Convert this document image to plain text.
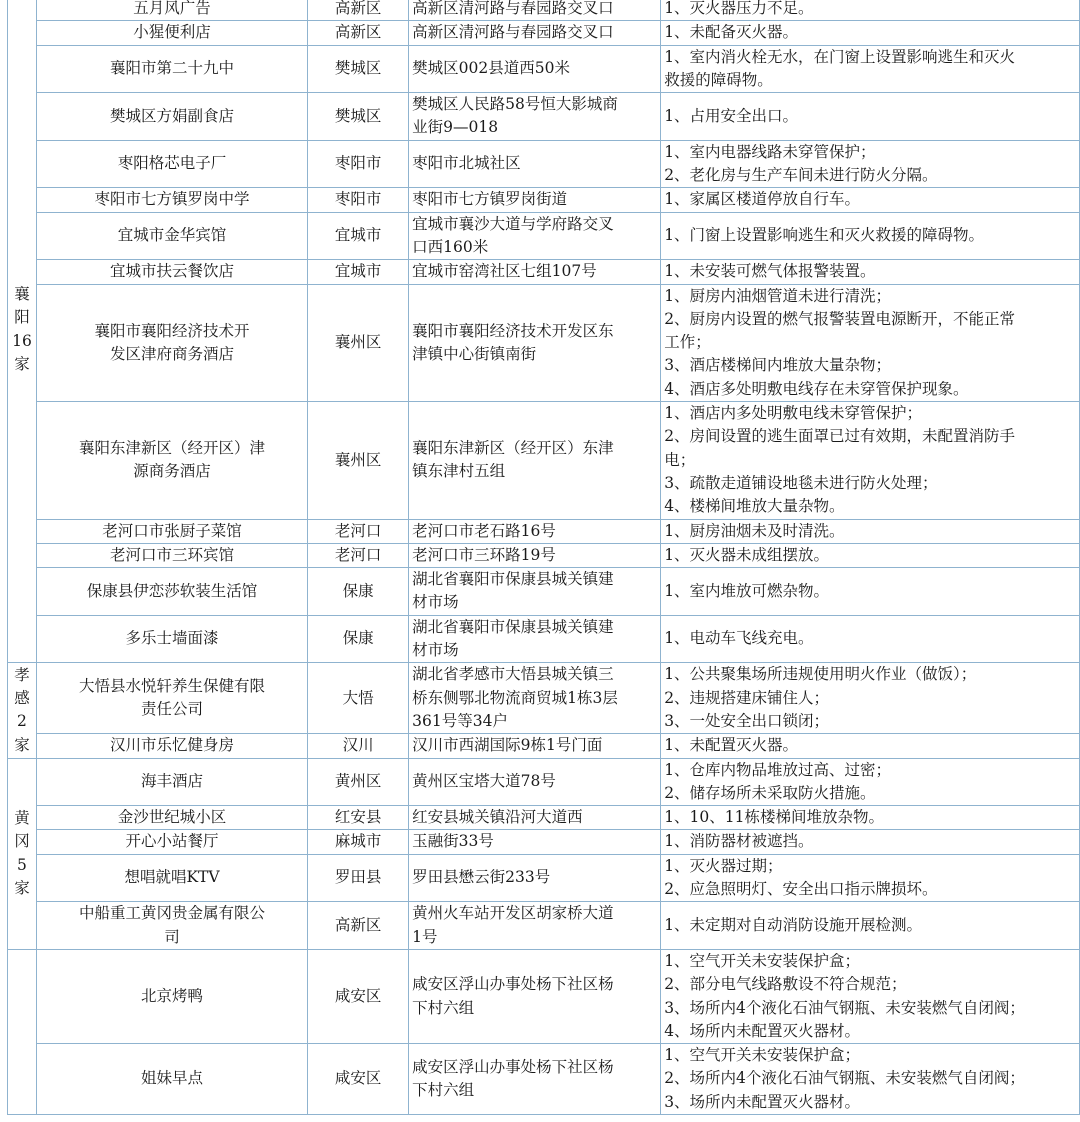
襄
阳
16
家	五月风广告	高新区	高新区清河路与春园路交叉口	1、灭火器压力不足。

	小猩便利店	高新区	高新区清河路与春园路交叉口	1、未配备灭火器。

	襄阳市第二十九中	樊城区	樊城区002县道西50米	1、室内消火栓无水，在门窗上设置影响逃生和灭火
救援的障碍物。

	樊城区方娟副食店	樊城区	樊城区人民路58号恒大影城商
业街9—018	1、占用安全出口。

	枣阳格芯电子厂	枣阳市	枣阳市北城社区	1、室内电器线路未穿管保护；
2、老化房与生产车间未进行防火分隔。

	枣阳市七方镇罗岗中学	枣阳市	枣阳市七方镇罗岗街道	1、家属区楼道停放自行车。

	宜城市金华宾馆	宜城市	宜城市襄沙大道与学府路交叉
口西160米	1、门窗上设置影响逃生和灭火救援的障碍物。

	宜城市扶云餐饮店	宜城市	宜城市窑湾社区七组107号	1、未安装可燃气体报警装置。

	襄阳市襄阳经济技术开
发区津府商务酒店	襄州区	襄阳市襄阳经济技术开发区东
津镇中心街镇南街	1、厨房内油烟管道未进行清洗；
2、厨房内设置的燃气报警装置电源断开，不能正常
工作；
3、酒店楼梯间内堆放大量杂物；
4、酒店多处明敷电线存在未穿管保护现象。

	襄阳东津新区（经开区）津
源商务酒店	襄州区	襄阳东津新区（经开区）东津
镇东津村五组	1、酒店内多处明敷电线未穿管保护；
2、房间设置的逃生面罩已过有效期，未配置消防手
电；
3、疏散走道铺设地毯未进行防火处理；
4、楼梯间堆放大量杂物。

	老河口市张厨子菜馆	老河口	老河口市老石路16号	1、厨房油烟未及时清洗。

	老河口市三环宾馆	老河口	老河口市三环路19号	1、灭火器未成组摆放。

	保康县伊恋莎软装生活馆	保康	湖北省襄阳市保康县城关镇建
材市场	1、室内堆放可燃杂物。

	多乐士墙面漆	保康	湖北省襄阳市保康县城关镇建
材市场	1、电动车飞线充电。

孝
感
2
家	大悟县水悦轩养生保健有限
责任公司	大悟	湖北省孝感市大悟县城关镇三
桥东侧鄂北物流商贸城1栋3层
361号等34户	1、公共聚集场所违规使用明火作业（做饭）；
2、违规搭建床铺住人；
3、一处安全出口锁闭；

	汉川市乐忆健身房	汉川	汉川市西湖国际9栋1号门面	1、未配置灭火器。

黄
冈
5
家	海丰酒店	黄州区	黄州区宝塔大道78号	1、仓库内物品堆放过高、过密；
2、储存场所未采取防火措施。

	金沙世纪城小区	红安县	红安县城关镇沿河大道西	1、10、11栋楼梯间堆放杂物。

	开心小站餐厅	麻城市	玉融街33号	1、消防器材被遮挡。

	想唱就唱KTV	罗田县	罗田县懋云街233号	1、灭火器过期；
2、应急照明灯、安全出口指示牌损坏。

	中船重工黄冈贵金属有限公
司	高新区	黄州火车站开发区胡家桥大道
1号	1、未定期对自动消防设施开展检测。

	北京烤鸭	咸安区	咸安区浮山办事处杨下社区杨
下村六组	1、空气开关未安装保护盒；
2、部分电气线路敷设不符合规范；
3、场所内4个液化石油气钢瓶、未安装燃气自闭阀；
4、场所内未配置灭火器材。

	姐妹早点	咸安区	咸安区浮山办事处杨下社区杨
下村六组	1、空气开关未安装保护盒；
2、场所内4个液化石油气钢瓶、未安装燃气自闭阀；
3、场所内未配置灭火器材。
